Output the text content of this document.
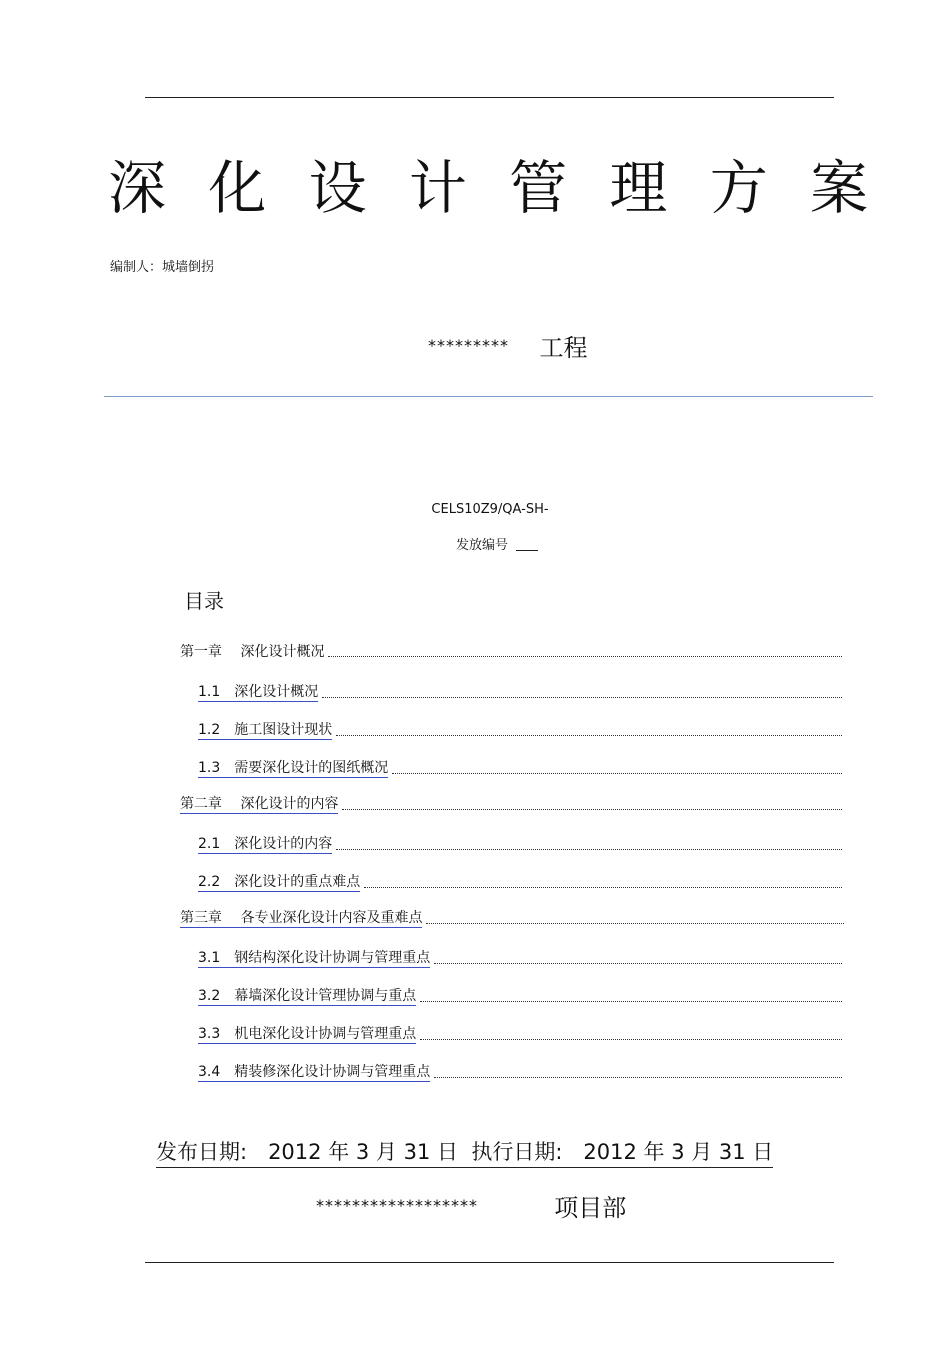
深 化 设 计 管 理 方 案
编制人：城墙倒拐
********* 工程
CELS10Z9/QA-SH-
发放编号
目录
第一章　 深化设计概况
1.1　深化设计概况
1.2　施工图设计现状
1.3　需要深化设计的图纸概况
第二章　 深化设计的内容
2.1　深化设计的内容
2.2　深化设计的重点难点
第三章　 各专业深化设计内容及重难点
3.1　钢结构深化设计协调与管理重点
3.2　幕墙深化设计管理协调与重点
3.3　机电深化设计协调与管理重点
3.4　精装修深化设计协调与管理重点
发布日期:　2012 年 3 月 31 日  执行日期:　2012 年 3 月 31 日
******************	项目部
